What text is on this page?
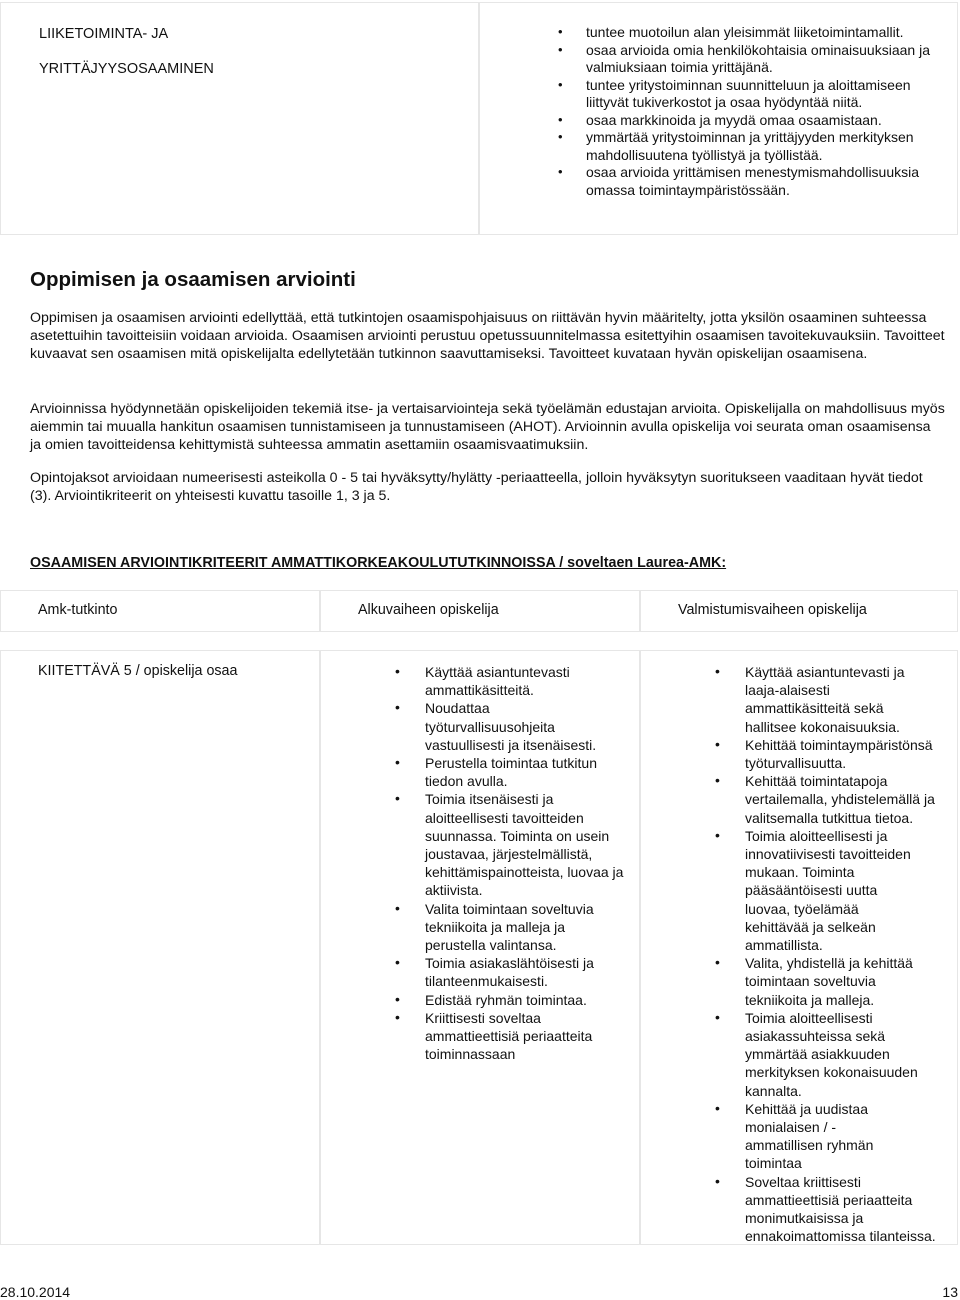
LIIKETOIMINTA- JA
YRITTÄJYYSOSAAMINEN
• tuntee muotoilun alan yleisimmät liiketoimintamallit.
• osaa arvioida omia henkilökohtaisia ominaisuuksiaan ja valmiuksiaan toimia yrittäjänä.
• tuntee yritystoiminnan suunnitteluun ja aloittamiseen liittyvät tukiverkostot ja osaa hyödyntää niitä.
• osaa markkinoida ja myydä omaa osaamistaan.
• ymmärtää yritystoiminnan ja yrittäjyyden merkityksen mahdollisuutena työllistyä ja työllistää.
• osaa arvioida yrittämisen menestymismahdollisuuksia omassa toimintaympäristössään.
Oppimisen ja osaamisen arviointi
Oppimisen ja osaamisen arviointi edellyttää, että tutkintojen osaamispohjaisuus on riittävän hyvin määritelty, jotta yksilön osaaminen suhteessa asetettuihin tavoitteisiin voidaan arvioida. Osaamisen arviointi perustuu opetussuunnitelmassa esitettyihin osaamisen tavoitekuvauksiin. Tavoitteet kuvaavat sen osaamisen mitä opiskelijalta edellytetään tutkinnon saavuttamiseksi. Tavoitteet kuvataan hyvän opiskelijan osaamisena.
Arvioinnissa hyödynnetään opiskelijoiden tekemiä itse- ja vertaisarviointeja sekä työelämän edustajan arvioita. Opiskelijalla on mahdollisuus myös aiemmin tai muualla hankitun osaamisen tunnistamiseen ja tunnustamiseen (AHOT). Arvioinnin avulla opiskelija voi seurata oman osaamisensa ja omien tavoitteidensa kehittymistä suhteessa ammatin asettamiin osaamisvaatimuksiin.
Opintojaksot arvioidaan numeerisesti asteikolla 0 - 5 tai hyväksytty/hylätty -periaatteella, jolloin hyväksytyn suoritukseen vaaditaan hyvät tiedot (3). Arviointikriteerit on yhteisesti kuvattu tasoille 1, 3 ja 5.
OSAAMISEN ARVIOINTIKRITEERIT AMMATTIKORKEAKOULUTUTKINNOISSA / soveltaen Laurea-AMK:
Amk-tutkinto	Alkuvaiheen opiskelija	Valmistumisvaiheen opiskelija
KIITETTÄVÄ 5 / opiskelija osaa
•	Käyttää asiantuntevasti ammattikäsitteitä.
• Noudattaa työturvallisuusohjeita vastuullisesti ja itsenäisesti.
• Perustella toimintaa tutkitun tiedon avulla.
• Toimia itsenäisesti ja aloitteellisesti tavoitteiden suunnassa. Toiminta on usein joustavaa, järjestelmällistä, kehittämispainotteista, luovaa ja aktiivista.
• Valita toimintaan soveltuvia tekniikoita ja malleja ja perustella valintansa.
• Toimia asiakaslähtöisesti ja tilanteenmukaisesti.
• Edistää ryhmän toimintaa.
• Kriittisesti soveltaa ammattieettisiä periaatteita toiminnassaan
• Käyttää asiantuntevasti ja laaja-alaisesti ammattikäsitteitä sekä hallitsee kokonaisuuksia.
• Kehittää toimintaympäristönsä työturvallisuutta.
• Kehittää toimintatapoja vertailemalla, yhdistelemällä ja valitsemalla tutkittua tietoa.
• Toimia aloitteellisesti ja innovatiivisesti tavoitteiden mukaan. Toiminta pääsääntöisesti uutta luovaa, työelämää kehittävää ja selkeän ammatillista.
• Valita, yhdistellä ja kehittää toimintaan soveltuvia tekniikoita ja malleja.
• Toimia aloitteellisesti asiakassuhteissa sekä ymmärtää asiakkuuden merkityksen kokonaisuuden kannalta.
• Kehittää ja uudistaa monialaisen / -ammatillisen ryhmän toimintaa
• Soveltaa kriittisesti ammattieettisiä periaatteita monimutkaisissa ja ennakoimattomissa tilanteissa.
28.10.2014	13
